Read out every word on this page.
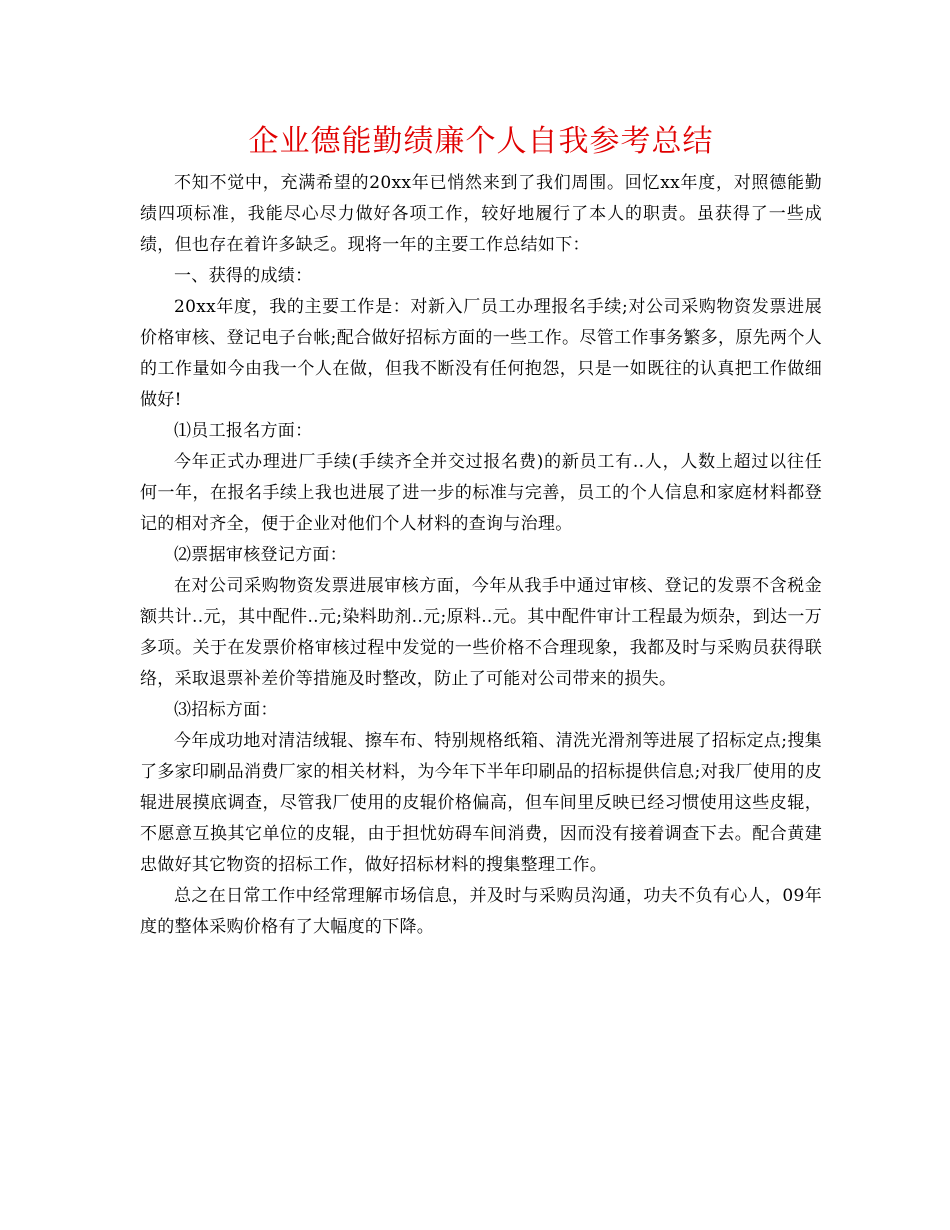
企业德能勤绩廉个人自我参考总结

不知不觉中，充满希望的20xx年已悄然来到了我们周围。回忆xx年度，对照德能勤绩四项标准，我能尽心尽力做好各项工作，较好地履行了本人的职责。虽获得了一些成绩，但也存在着许多缺乏。现将一年的主要工作总结如下：

一、获得的成绩：

20xx年度，我的主要工作是：对新入厂员工办理报名手续;对公司采购物资发票进展价格审核、登记电子台帐;配合做好招标方面的一些工作。尽管工作事务繁多，原先两个人的工作量如今由我一个人在做，但我不断没有任何抱怨，只是一如既往的认真把工作做细做好!

⑴员工报名方面：

今年正式办理进厂手续(手续齐全并交过报名费)的新员工有..人，人数上超过以往任何一年，在报名手续上我也进展了进一步的标准与完善，员工的个人信息和家庭材料都登记的相对齐全，便于企业对他们个人材料的查询与治理。

⑵票据审核登记方面：

在对公司采购物资发票进展审核方面，今年从我手中通过审核、登记的发票不含税金额共计..元，其中配件..元;染料助剂..元;原料..元。其中配件审计工程最为烦杂，到达一万多项。关于在发票价格审核过程中发觉的一些价格不合理现象，我都及时与采购员获得联络，采取退票补差价等措施及时整改，防止了可能对公司带来的损失。

⑶招标方面：

今年成功地对清洁绒辊、擦车布、特别规格纸箱、清洗光滑剂等进展了招标定点;搜集了多家印刷品消费厂家的相关材料，为今年下半年印刷品的招标提供信息;对我厂使用的皮辊进展摸底调查，尽管我厂使用的皮辊价格偏高，但车间里反映已经习惯使用这些皮辊，不愿意互换其它单位的皮辊，由于担忧妨碍车间消费，因而没有接着调查下去。配合黄建忠做好其它物资的招标工作，做好招标材料的搜集整理工作。

总之在日常工作中经常理解市场信息，并及时与采购员沟通，功夫不负有心人，09年度的整体采购价格有了大幅度的下降。
